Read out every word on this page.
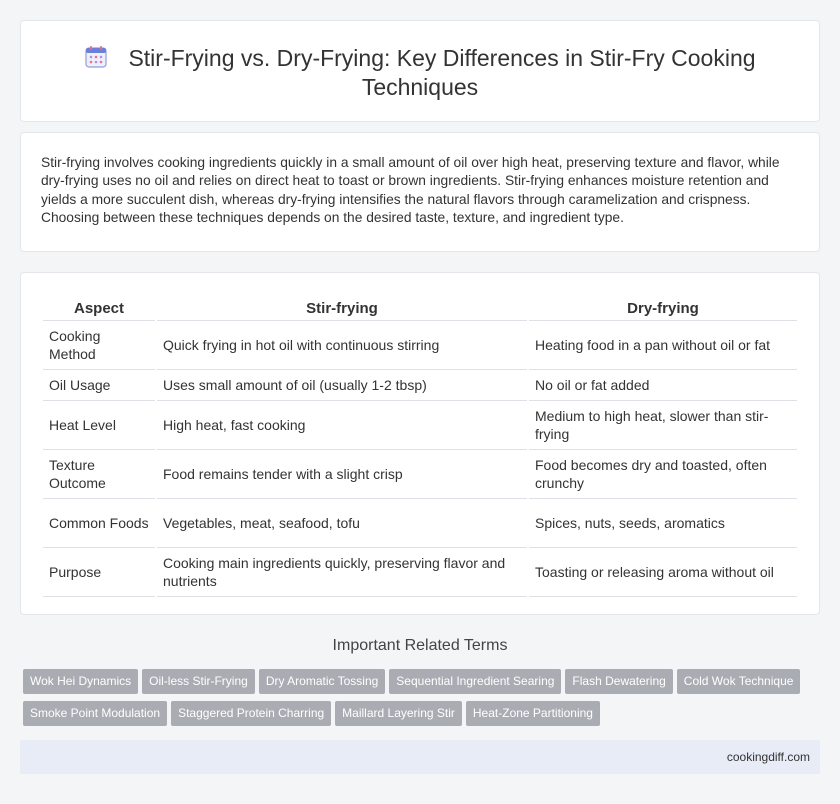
Stir-Frying vs. Dry-Frying: Key Differences in Stir-Fry Cooking Techniques

Stir-frying involves cooking ingredients quickly in a small amount of oil over high heat, preserving texture and flavor, while dry-frying uses no oil and relies on direct heat to toast or brown ingredients. Stir-frying enhances moisture retention and yields a more succulent dish, whereas dry-frying intensifies the natural flavors through caramelization and crispness. Choosing between these techniques depends on the desired taste, texture, and ingredient type.

Aspect	Stir-frying	Dry-frying
Cooking Method	Quick frying in hot oil with continuous stirring	Heating food in a pan without oil or fat
Oil Usage	Uses small amount of oil (usually 1-2 tbsp)	No oil or fat added
Heat Level	High heat, fast cooking	Medium to high heat, slower than stir-frying
Texture Outcome	Food remains tender with a slight crisp	Food becomes dry and toasted, often crunchy
Common Foods	Vegetables, meat, seafood, tofu	Spices, nuts, seeds, aromatics
Purpose	Cooking main ingredients quickly, preserving flavor and nutrients	Toasting or releasing aroma without oil
Important Related Terms
Wok Hei Dynamics	Oil-less Stir-Frying	Dry Aromatic Tossing	Sequential Ingredient Searing	Flash Dewatering	Cold Wok Technique
Smoke Point Modulation	Staggered Protein Charring	Maillard Layering Stir	Heat-Zone Partitioning
cookingdiff.com
